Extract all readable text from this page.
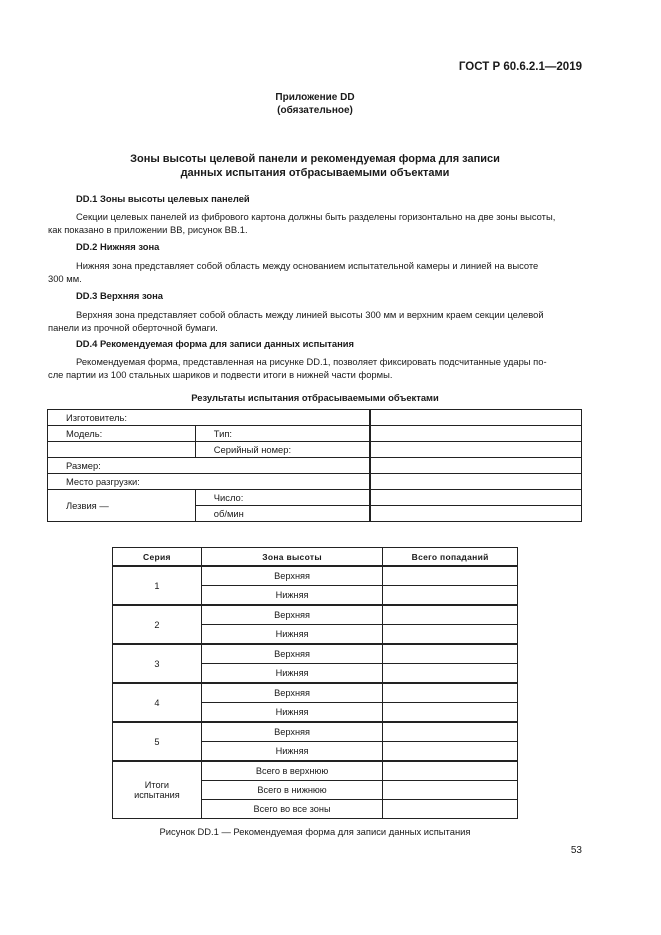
ГОСТ Р 60.6.2.1—2019
Приложение DD
(обязательное)
Зоны высоты целевой панели и рекомендуемая форма для записи
данных испытания отбрасываемыми объектами
DD.1 Зоны высоты целевых панелей
Секции целевых панелей из фибрового картона должны быть разделены горизонтально на две зоны высоты,
как показано в приложении ВВ, рисунок ВВ.1.
DD.2 Нижняя зона
Нижняя зона представляет собой область между основанием испытательной камеры и линией на высоте
300 мм.
DD.3 Верхняя зона
Верхняя зона представляет собой область между линией высоты 300 мм и верхним краем секции целевой
панели из прочной оберточной бумаги.
DD.4 Рекомендуемая форма для записи данных испытания
Рекомендуемая форма, представленная на рисунке DD.1, позволяет фиксировать подсчитанные удары по-
сле партии из 100 стальных шариков и подвести итоги в нижней части формы.
Результаты испытания отбрасываемыми объектами
Изготовитель:		
Модель:	Тип:	
	Серийный номер:	
Размер:		
Место разгрузки:		
Лезвия —	Число:	
	об/мин	
Серия	Зона высоты	Всего попаданий
1	Верхняя	
	Нижняя	
2	Верхняя	
	Нижняя	
3	Верхняя	
	Нижняя	
4	Верхняя	
	Нижняя	
5	Верхняя	
	Нижняя	

Итоги
испытания	Всего в верхнюю	
	Всего в нижнюю	
	Всего во все зоны	
Рисунок DD.1 — Рекомендуемая форма для записи данных испытания
53
